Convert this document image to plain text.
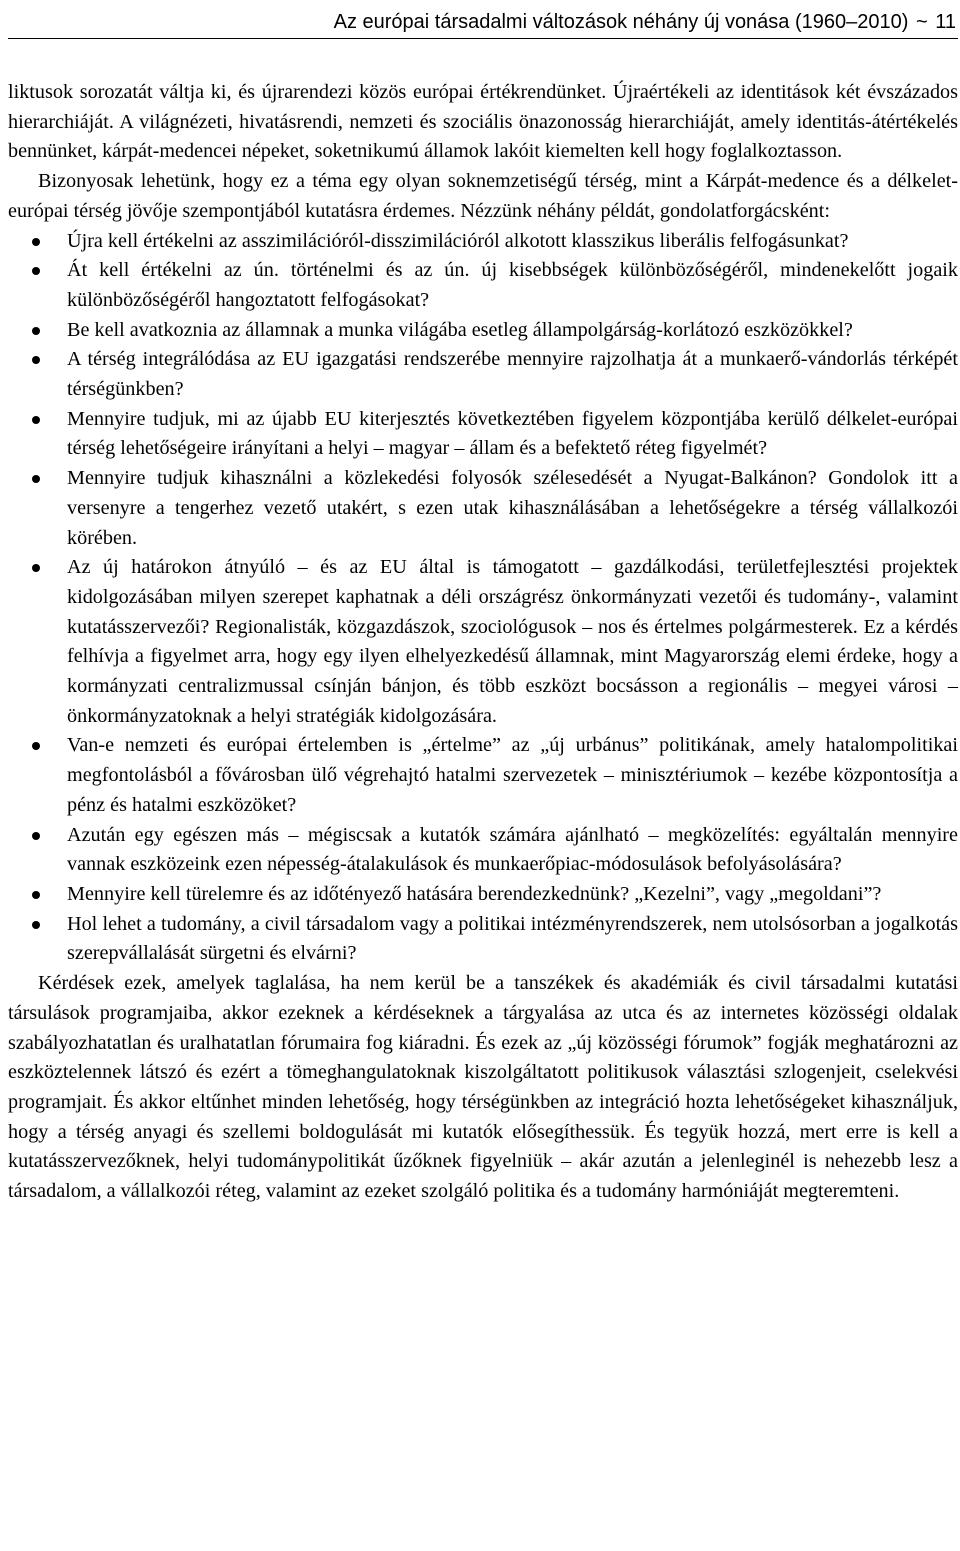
Az európai társadalmi változások néhány új vonása (1960–2010) ~ 11

liktusok sorozatát váltja ki, és újrarendezi közös európai értékrendünket. Újraértékeli az identitások két évszázados hierarchiáját. A világnézeti, hivatásrendi, nemzeti és szociális önazonosság hierarchiáját, amely identitás-átértékelés bennünket, kárpát-medencei népeket, soketnikumú államok lakóit kiemelten kell hogy foglalkoztasson.

Bizonyosak lehetünk, hogy ez a téma egy olyan soknemzetiségű térség, mint a Kárpát-medence és a délkelet-európai térség jövője szempontjából kutatásra érdemes. Nézzünk néhány példát, gondolatforgácsként:

Újra kell értékelni az asszimilációról-disszimilációról alkotott klasszikus liberális felfogásunkat?
Át kell értékelni az ún. történelmi és az ún. új kisebbségek különbözőségéről, mindenekelőtt jogaik különbözőségéről hangoztatott felfogásokat?
Be kell avatkoznia az államnak a munka világába esetleg állampolgárság-korlátozó eszközökkel?
A térség integrálódása az EU igazgatási rendszerébe mennyire rajzolhatja át a munkaerő-vándorlás térképét térségünkben?
Mennyire tudjuk, mi az újabb EU kiterjesztés következtében figyelem központjába kerülő délkelet-európai térség lehetőségeire irányítani a helyi – magyar – állam és a befektető réteg figyelmét?
Mennyire tudjuk kihasználni a közlekedési folyosók szélesedését a Nyugat-Balkánon? Gondolok itt a versenyre a tengerhez vezető utakért, s ezen utak kihasználásában a lehetőségekre a térség vállalkozói körében.
Az új határokon átnyúló – és az EU által is támogatott – gazdálkodási, területfejlesztési projektek kidolgozásában milyen szerepet kaphatnak a déli országrész önkormányzati vezetői és tudomány-, valamint kutatásszervezői? Regionalisták, közgazdászok, szociológusok – nos és értelmes polgármesterek. Ez a kérdés felhívja a figyelmet arra, hogy egy ilyen elhelyezkedésű államnak, mint Magyarország elemi érdeke, hogy a kormányzati centralizmussal csínján bánjon, és több eszközt bocsásson a regionális – megyei városi – önkormányzatoknak a helyi stratégiák kidolgozására.
Van-e nemzeti és európai értelemben is „értelme” az „új urbánus” politikának, amely hatalompolitikai megfontolásból a fővárosban ülő végrehajtó hatalmi szervezetek – minisztériumok – kezébe központosítja a pénz és hatalmi eszközöket?
Azután egy egészen más – mégiscsak a kutatók számára ajánlható – megközelítés: egyáltalán mennyire vannak eszközeink ezen népesség-átalakulások és munkaerőpiac-módosulások befolyásolására?
Mennyire kell türelemre és az időtényező hatására berendezkednünk? „Kezelni”, vagy „megoldani”?
Hol lehet a tudomány, a civil társadalom vagy a politikai intézményrendszerek, nem utolsósorban a jogalkotás szerepvállalását sürgetni és elvárni?

Kérdések ezek, amelyek taglalása, ha nem kerül be a tanszékek és akadémiák és civil társadalmi kutatási társulások programjaiba, akkor ezeknek a kérdéseknek a tárgyalása az utca és az internetes közösségi oldalak szabályozhatatlan és uralhatatlan fórumaira fog kiáradni. És ezek az „új közösségi fórumok” fogják meghatározni az eszköztelennek látszó és ezért a tömeghangulatoknak kiszolgáltatott politikusok választási szlogenjeit, cselekvési programjait. És akkor eltűnhet minden lehetőség, hogy térségünkben az integráció hozta lehetőségeket kihasználjuk, hogy a térség anyagi és szellemi boldogulását mi kutatók elősegíthessük. És tegyük hozzá, mert erre is kell a kutatásszervezőknek, helyi tudománypolitikát űzőknek figyelniük – akár azután a jelenleginél is nehezebb lesz a társadalom, a vállalkozói réteg, valamint az ezeket szolgáló politika és a tudomány harmóniáját megteremteni.
